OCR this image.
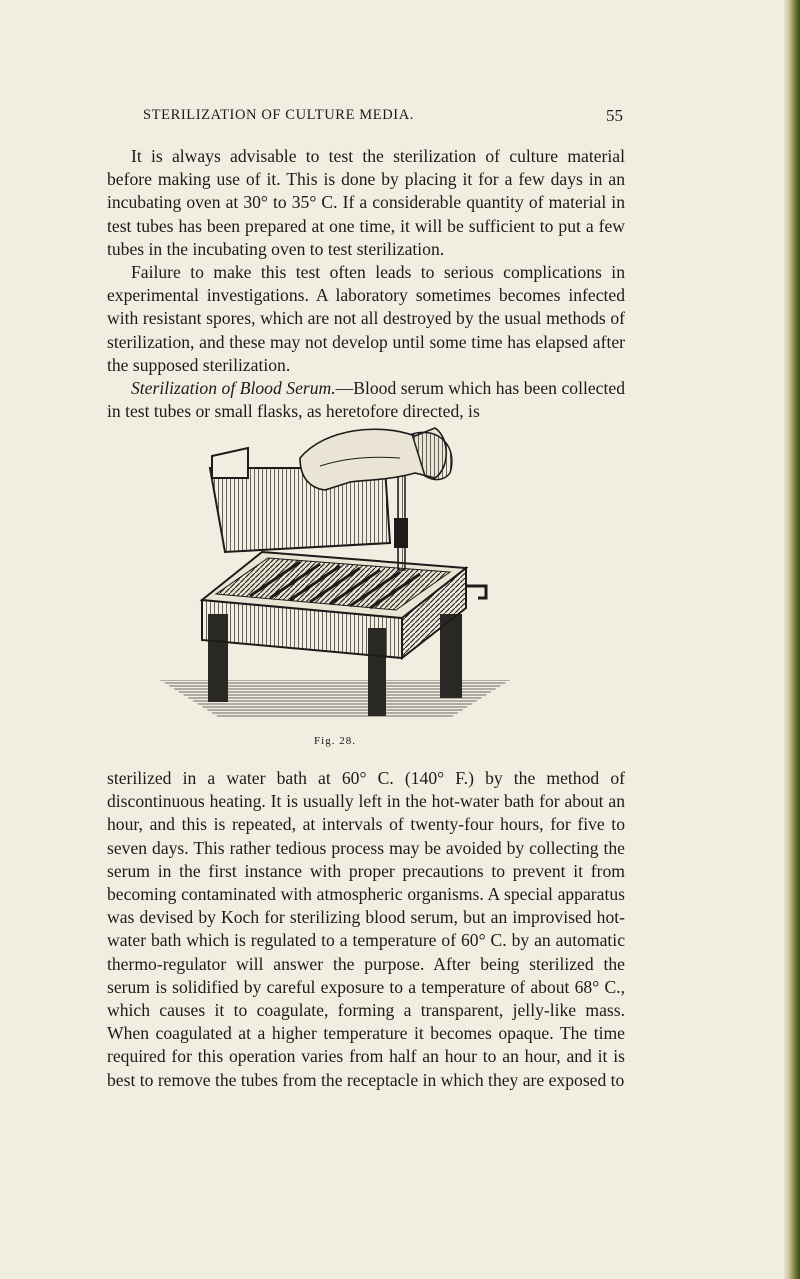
STERILIZATION OF CULTURE MEDIA.	55

It is always advisable to test the sterilization of culture material before making use of it. This is done by placing it for a few days in an incubating oven at 30° to 35° C. If a considerable quantity of material in test tubes has been prepared at one time, it will be sufficient to put a few tubes in the incubating oven to test sterilization.

Failure to make this test often leads to serious complications in experimental investigations. A laboratory sometimes becomes infected with resistant spores, which are not all destroyed by the usual methods of sterilization, and these may not develop until some time has elapsed after the supposed sterilization.

Sterilization of Blood Serum.—Blood serum which has been collected in test tubes or small flasks, as heretofore directed, is

Fig. 28.

sterilized in a water bath at 60° C. (140° F.) by the method of discontinuous heating. It is usually left in the hot-water bath for about an hour, and this is repeated, at intervals of twenty-four hours, for five to seven days. This rather tedious process may be avoided by collecting the serum in the first instance with proper precautions to prevent it from becoming contaminated with atmospheric organisms. A special apparatus was devised by Koch for sterilizing blood serum, but an improvised hot-water bath which is regulated to a temperature of 60° C. by an automatic thermo-regulator will answer the purpose. After being sterilized the serum is solidified by careful exposure to a temperature of about 68° C., which causes it to coagulate, forming a transparent, jelly-like mass. When coagulated at a higher temperature it becomes opaque. The time required for this operation varies from half an hour to an hour, and it is best to remove the tubes from the receptacle in which they are exposed to
